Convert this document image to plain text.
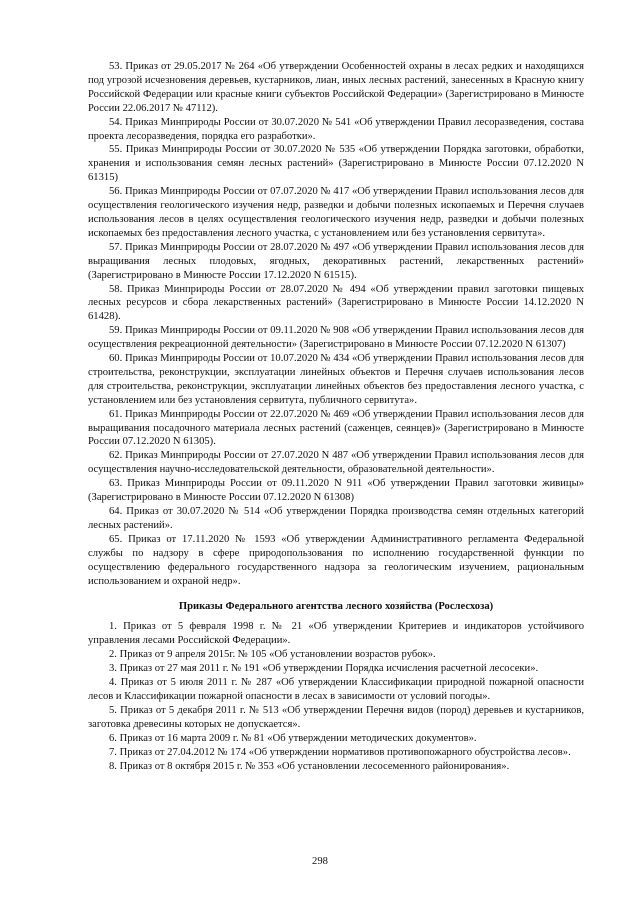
53. Приказ от 29.05.2017 № 264 «Об утверждении Особенностей охраны в лесах редких и находящихся под угрозой исчезновения деревьев, кустарников, лиан, иных лесных растений, занесенных в Красную книгу Российской Федерации или красные книги субъектов Российской Федерации» (Зарегистрировано в Минюсте России 22.06.2017 № 47112).

54. Приказ Минприроды России от 30.07.2020 № 541 «Об утверждении Правил лесоразведения, состава проекта лесоразведения, порядка его разработки».

55. Приказ Минприроды России от 30.07.2020 № 535 «Об утверждении Порядка заготовки, обработки, хранения и использования семян лесных растений» (Зарегистрировано в Минюсте России 07.12.2020 N 61315)

56. Приказ Минприроды России от 07.07.2020 № 417 «Об утверждении Правил использования лесов для осуществления геологического изучения недр, разведки и добычи полезных ископаемых и Перечня случаев использования лесов в целях осуществления геологического изучения недр, разведки и добычи полезных ископаемых без предоставления лесного участка, с установлением или без установления сервитута».

57. Приказ Минприроды России от 28.07.2020 № 497 «Об утверждении Правил использования лесов для выращивания лесных плодовых, ягодных, декоративных растений, лекарственных растений» (Зарегистрировано в Минюсте России 17.12.2020 N 61515).

58. Приказ Минприроды России от 28.07.2020 № 494 «Об утверждении правил заготовки пищевых лесных ресурсов и сбора лекарственных растений» (Зарегистрировано в Минюсте России 14.12.2020 N 61428).

59. Приказ Минприроды России от 09.11.2020 № 908 «Об утверждении Правил использования лесов для осуществления рекреационной деятельности» (Зарегистрировано в Минюсте России 07.12.2020 N 61307)

60. Приказ Минприроды России от 10.07.2020 № 434 «Об утверждении Правил использования лесов для строительства, реконструкции, эксплуатации линейных объектов и Перечня случаев использования лесов для строительства, реконструкции, эксплуатации линейных объектов без предоставления лесного участка, с установлением или без установления сервитута, публичного сервитута».

61. Приказ Минприроды России от 22.07.2020 № 469 «Об утверждении Правил использования лесов для выращивания посадочного материала лесных растений (саженцев, сеянцев)» (Зарегистрировано в Минюсте России 07.12.2020 N 61305).

62. Приказ Минприроды России от 27.07.2020 N 487 «Об утверждении Правил использования лесов для осуществления научно-исследовательской деятельности, образовательной деятельности».

63. Приказ Минприроды России от 09.11.2020 N 911 «Об утверждении Правил заготовки живицы» (Зарегистрировано в Минюсте России 07.12.2020 N 61308)

64. Приказ от 30.07.2020 № 514 «Об утверждении Порядка производства семян отдельных категорий лесных растений».

65. Приказ от 17.11.2020 № 1593 «Об утверждении Административного регламента Федеральной службы по надзору в сфере природопользования по исполнению государственной функции по осуществлению федерального государственного надзора за геологическим изучением, рациональным использованием и охраной недр».

Приказы Федерального агентства лесного хозяйства (Рослесхоза)

1. Приказ от 5 февраля 1998 г. № 21 «Об утверждении Критериев и индикаторов устойчивого управления лесами Российской Федерации».

2. Приказ от 9 апреля 2015г. № 105 «Об установлении возрастов рубок».

3. Приказ от 27 мая 2011 г. № 191 «Об утверждении Порядка исчисления расчетной лесосеки».

4. Приказ от 5 июля 2011 г. № 287 «Об утверждении Классификации природной пожарной опасности лесов и Классификации пожарной опасности в лесах в зависимости от условий погоды».

5. Приказ от 5 декабря 2011 г. № 513 «Об утверждении Перечня видов (пород) деревьев и кустарников, заготовка древесины которых не допускается».

6. Приказ от 16 марта 2009 г. № 81 «Об утверждении методических документов».

7. Приказ от 27.04.2012 № 174 «Об утверждении нормативов противопожарного обустройства лесов».

8. Приказ от 8 октября 2015 г. № 353 «Об установлении лесосеменного районирования».

298
